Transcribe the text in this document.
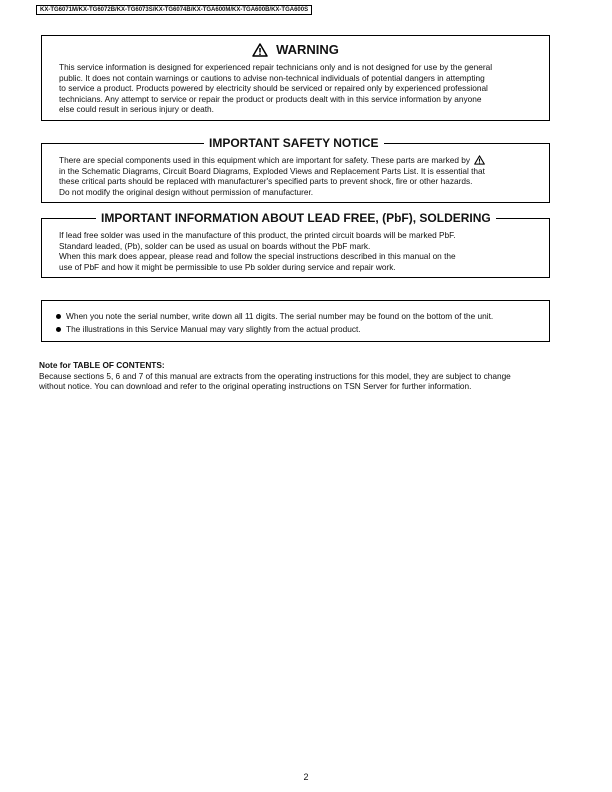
KX-TG6071M/KX-TG6072B/KX-TG6073S/KX-TG6074B/KX-TGA600M/KX-TGA600B/KX-TGA600S
WARNING
This service information is designed for experienced repair technicians only and is not designed for use by the general
public. It does not contain warnings or cautions to advise non-technical individuals of potential dangers in attempting
to service a product. Products powered by electricity should be serviced or repaired only by experienced professional
technicians. Any attempt to service or repair the product or products dealt with in this service information by anyone
else could result in serious injury or death.
IMPORTANT SAFETY NOTICE
There are special components used in this equipment which are important for safety. These parts are marked by
in the Schematic Diagrams, Circuit Board Diagrams, Exploded Views and Replacement Parts List. It is essential that
these critical parts should be replaced with manufacturer's specified parts to prevent shock, fire or other hazards.
Do not modify the original design without permission of manufacturer.
IMPORTANT INFORMATION ABOUT LEAD FREE, (PbF), SOLDERING
If lead free solder was used in the manufacture of this product, the printed circuit boards will be marked PbF.
Standard leaded, (Pb), solder can be used as usual on boards without the PbF mark.
When this mark does appear, please read and follow the special instructions described in this manual on the
use of PbF and how it might be permissible to use Pb solder during service and repair work.
When you note the serial number, write down all 11 digits. The serial number may be found on the bottom of the unit.
The illustrations in this Service Manual may vary slightly from the actual product.
Note for TABLE OF CONTENTS:
Because sections 5, 6 and 7 of this manual are extracts from the operating instructions for this model, they are subject to change
without notice. You can download and refer to the original operating instructions on TSN Server for further information.
2
